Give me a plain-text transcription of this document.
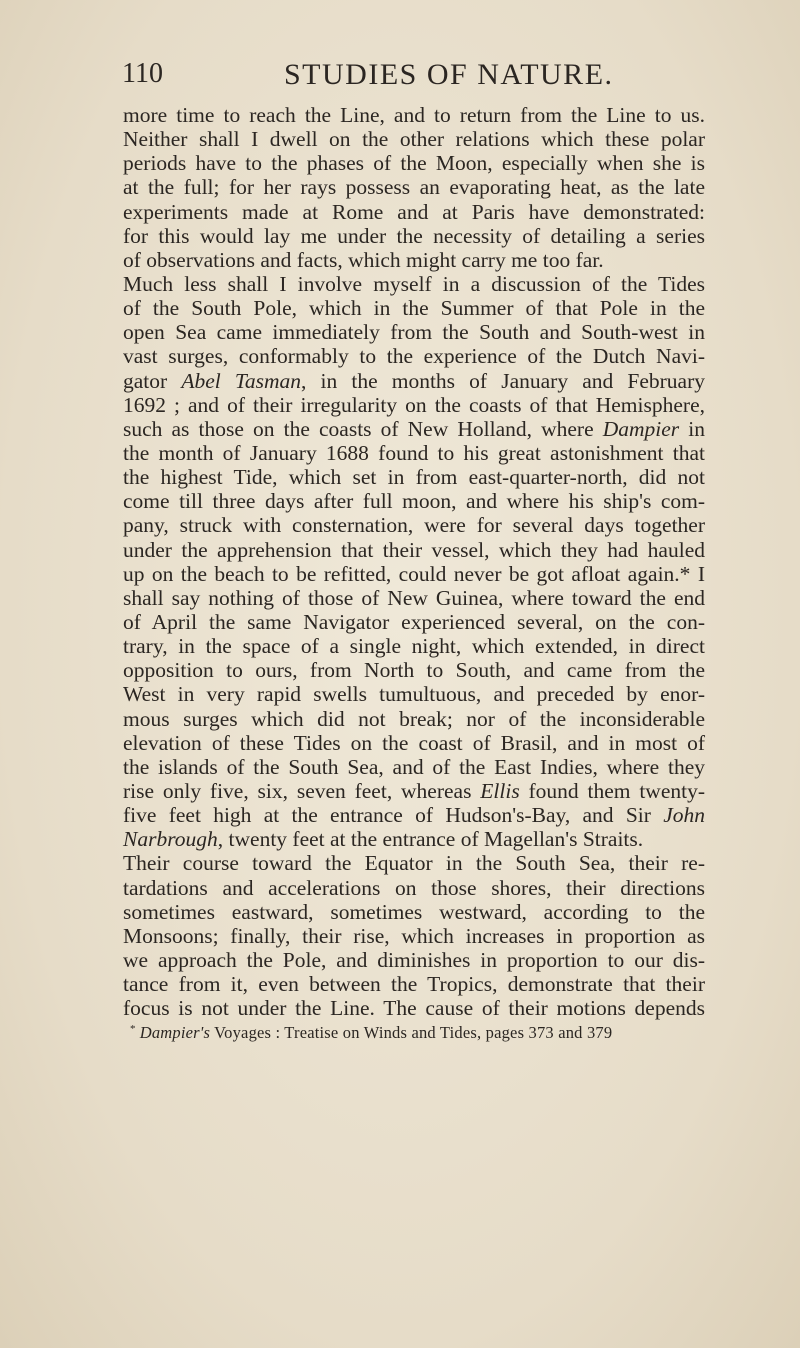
110	STUDIES OF NATURE.
more time to reach the Line, and to return from the Line to us.
Neither shall I dwell on the other relations which these polar
periods have to the phases of the Moon, especially when she is
at the full; for her rays possess an evaporating heat, as the late
experiments made at Rome and at Paris have demonstrated:
for this would lay me under the necessity of detailing a series
of observations and facts, which might carry me too far.
Much less shall I involve myself in a discussion of the Tides
of the South Pole, which in the Summer of that Pole in the
open Sea came immediately from the South and South-west in
vast surges, conformably to the experience of the Dutch Navi-
gator Abel Tasman, in the months of January and February
1692 ; and of their irregularity on the coasts of that Hemisphere,
such as those on the coasts of New Holland, where Dampier in
the month of January 1688 found to his great astonishment that
the highest Tide, which set in from east-quarter-north, did not
come till three days after full moon, and where his ship's com-
pany, struck with consternation, were for several days together
under the apprehension that their vessel, which they had hauled
up on the beach to be refitted, could never be got afloat again.* I
shall say nothing of those of New Guinea, where toward the end
of April the same Navigator experienced several, on the con-
trary, in the space of a single night, which extended, in direct
opposition to ours, from North to South, and came from the
West in very rapid swells tumultuous, and preceded by enor-
mous surges which did not break; nor of the inconsiderable
elevation of these Tides on the coast of Brasil, and in most of
the islands of the South Sea, and of the East Indies, where they
rise only five, six, seven feet, whereas Ellis found them twenty-
five feet high at the entrance of Hudson's-Bay, and Sir John
Narbrough, twenty feet at the entrance of Magellan's Straits.
Their course toward the Equator in the South Sea, their re-
tardations and accelerations on those shores, their directions
sometimes eastward, sometimes westward, according to the
Monsoons; finally, their rise, which increases in proportion as
we approach the Pole, and diminishes in proportion to our dis-
tance from it, even between the Tropics, demonstrate that their
focus is not under the Line. The cause of their motions depends
* Dampier's Voyages : Treatise on Winds and Tides, pages 373 and 379
